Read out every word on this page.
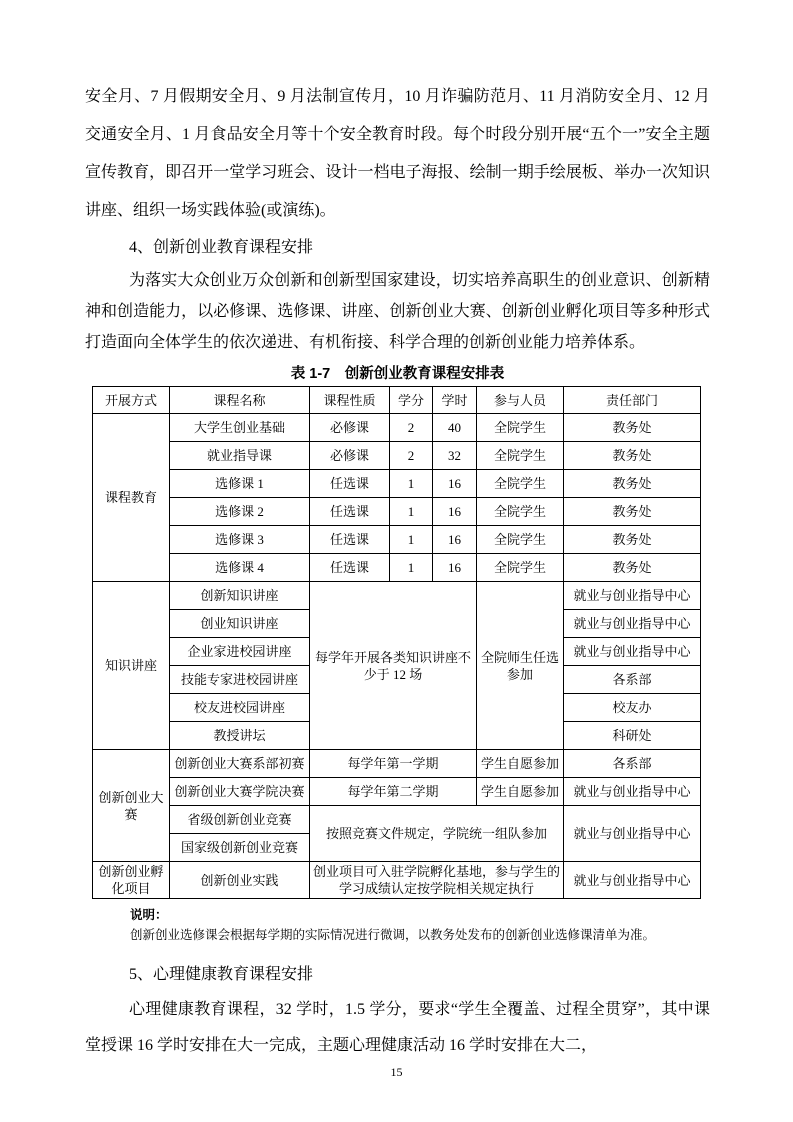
安全月、7 月假期安全月、9 月法制宣传月，10 月诈骗防范月、11 月消防安全月、12 月交通安全月、1 月食品安全月等十个安全教育时段。每个时段分别开展“五个一”安全主题宣传教育，即召开一堂学习班会、设计一档电子海报、绘制一期手绘展板、举办一次知识讲座、组织一场实践体验(或演练)。

4、创新创业教育课程安排

为落实大众创业万众创新和创新型国家建设，切实培养高职生的创业意识、创新精神和创造能力，以必修课、选修课、讲座、创新创业大赛、创新创业孵化项目等多种形式打造面向全体学生的依次递进、有机衔接、科学合理的创新创业能力培养体系。

表 1-7　创新创业教育课程安排表
开展方式	课程名称	课程性质	学分	学时	参与人员	责任部门
课程教育	大学生创业基础	必修课	2	40	全院学生	教务处
	就业指导课	必修课	2	32	全院学生	教务处
	选修课 1	任选课	1	16	全院学生	教务处
	选修课 2	任选课	1	16	全院学生	教务处
	选修课 3	任选课	1	16	全院学生	教务处
	选修课 4	任选课	1	16	全院学生	教务处
知识讲座	创新知识讲座	每学年开展各类知识讲座不少于 12 场			全院师生任选参加	就业与创业指导中心
	创业知识讲座					就业与创业指导中心
	企业家进校园讲座					就业与创业指导中心
	技能专家进校园讲座					各系部
	校友进校园讲座					校友办
	教授讲坛					科研处
创新创业大赛	创新创业大赛系部初赛	每学年第一学期			学生自愿参加	各系部
	创新创业大赛学院决赛	每学年第二学期			学生自愿参加	就业与创业指导中心
	省级创新创业竞赛	按照竞赛文件规定，学院统一组队参加				就业与创业指导中心
	国家级创新创业竞赛					
创新创业孵化项目	创新创业实践	创业项目可入驻学院孵化基地，参与学生的学习成绩认定按学院相关规定执行				就业与创业指导中心

说明：

创新创业选修课会根据每学期的实际情况进行微调，以教务处发布的创新创业选修课清单为准。

5、心理健康教育课程安排

心理健康教育课程，32 学时，1.5 学分，要求“学生全覆盖、过程全贯穿”，其中课堂授课 16 学时安排在大一完成，主题心理健康活动 16 学时安排在大二，

15
